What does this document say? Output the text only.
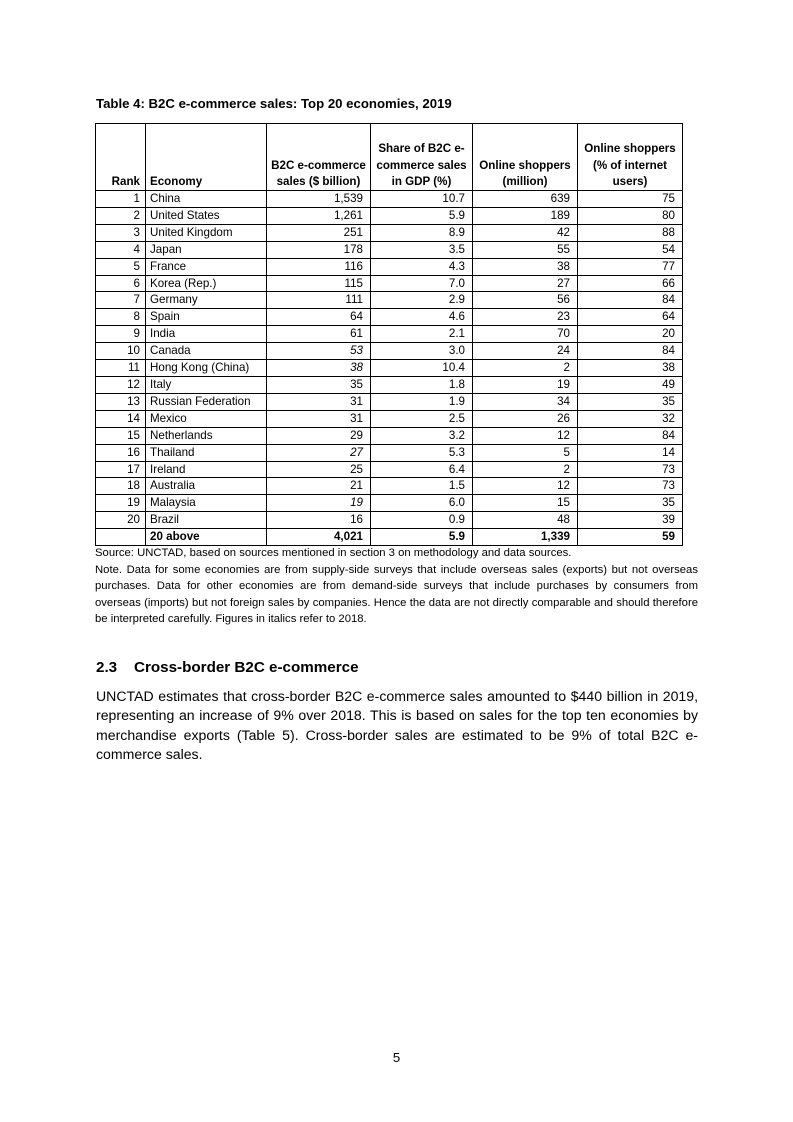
Table 4: B2C e-commerce sales: Top 20 economies, 2019
Rank	Economy	B2C e-commerce sales ($ billion)	Share of B2C e-commerce sales in GDP (%)	Online shoppers (million)	Online shoppers (% of internet users)
1	China	1,539	10.7	639	75
2	United States	1,261	5.9	189	80
3	United Kingdom	251	8.9	42	88
4	Japan	178	3.5	55	54
5	France	116	4.3	38	77
6	Korea (Rep.)	115	7.0	27	66
7	Germany	111	2.9	56	84
8	Spain	64	4.6	23	64
9	India	61	2.1	70	20
10	Canada	53	3.0	24	84
11	Hong Kong (China)	38	10.4	2	38
12	Italy	35	1.8	19	49
13	Russian Federation	31	1.9	34	35
14	Mexico	31	2.5	26	32
15	Netherlands	29	3.2	12	84
16	Thailand	27	5.3	5	14
17	Ireland	25	6.4	2	73
18	Australia	21	1.5	12	73
19	Malaysia	19	6.0	15	35
20	Brazil	16	0.9	48	39
	20 above	4,021	5.9	1,339	59
Source: UNCTAD, based on sources mentioned in section 3 on methodology and data sources.
Note. Data for some economies are from supply-side surveys that include overseas sales (exports) but not overseas purchases. Data for other economies are from demand-side surveys that include purchases by consumers from overseas (imports) but not foreign sales by companies. Hence the data are not directly comparable and should therefore be interpreted carefully. Figures in italics refer to 2018.
2.3 Cross-border B2C e-commerce
UNCTAD estimates that cross-border B2C e-commerce sales amounted to $440 billion in 2019, representing an increase of 9% over 2018. This is based on sales for the top ten economies by merchandise exports (Table 5). Cross-border sales are estimated to be 9% of total B2C e-commerce sales.
5
